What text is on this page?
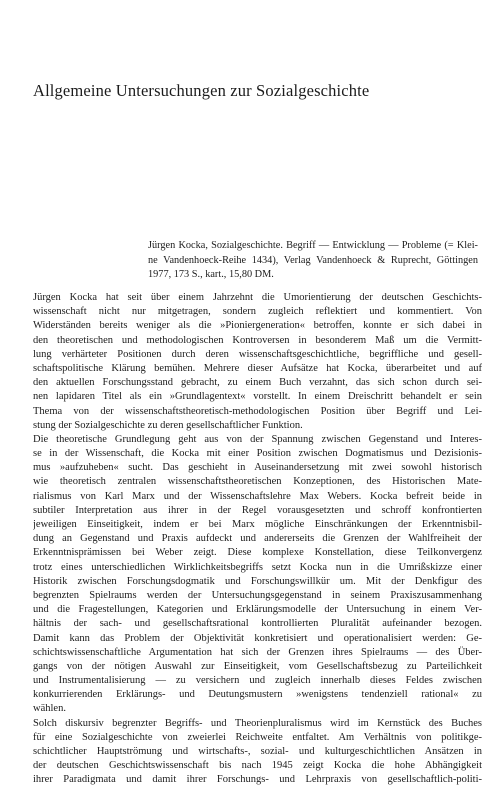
Allgemeine Untersuchungen zur Sozialgeschichte
Jürgen Kocka, Sozialgeschichte. Begriff — Entwicklung — Probleme (= Klei-
ne Vandenhoeck-Reihe 1434), Verlag Vandenhoeck & Ruprecht, Göttingen
1977, 173 S., kart., 15,80 DM.
Jürgen Kocka hat seit über einem Jahrzehnt die Umorientierung der deutschen Geschichts-
wissenschaft nicht nur mitgetragen, sondern zugleich reflektiert und kommentiert. Von
Widerständen bereits weniger als die »Pioniergeneration« betroffen, konnte er sich dabei in
den theoretischen und methodologischen Kontroversen in besonderem Maß um die Vermitt-
lung verhärteter Positionen durch deren wissenschaftsgeschichtliche, begriffliche und gesell-
schaftspolitische Klärung bemühen. Mehrere dieser Aufsätze hat Kocka, überarbeitet und auf
den aktuellen Forschungsstand gebracht, zu einem Buch verzahnt, das sich schon durch sei-
nen lapidaren Titel als ein »Grundlagentext« vorstellt. In einem Dreischritt behandelt er sein
Thema von der wissenschaftstheoretisch-methodologischen Position über Begriff und Lei-
stung der Sozialgeschichte zu deren gesellschaftlicher Funktion.
Die theoretische Grundlegung geht aus von der Spannung zwischen Gegenstand und Interes-
se in der Wissenschaft, die Kocka mit einer Position zwischen Dogmatismus und Dezisionis-
mus »aufzuheben« sucht. Das geschieht in Auseinandersetzung mit zwei sowohl historisch
wie theoretisch zentralen wissenschaftstheoretischen Konzeptionen, des Historischen Mate-
rialismus von Karl Marx und der Wissenschaftslehre Max Webers. Kocka befreit beide in
subtiler Interpretation aus ihrer in der Regel vorausgesetzten und schroff konfrontierten
jeweiligen Einseitigkeit, indem er bei Marx mögliche Einschränkungen der Erkenntnisbil-
dung an Gegenstand und Praxis aufdeckt und andererseits die Grenzen der Wahlfreiheit der
Erkenntnisprämissen bei Weber zeigt. Diese komplexe Konstellation, diese Teilkonvergenz
trotz eines unterschiedlichen Wirklichkeitsbegriffs setzt Kocka nun in die Umrißskizze einer
Historik zwischen Forschungsdogmatik und Forschungswillkür um. Mit der Denkfigur des
begrenzten Spielraums werden der Untersuchungsgegenstand in seinem Praxiszusammenhang
und die Fragestellungen, Kategorien und Erklärungsmodelle der Untersuchung in einem Ver-
hältnis der sach- und gesellschaftsrational kontrollierten Pluralität aufeinander bezogen.
Damit kann das Problem der Objektivität konkretisiert und operationalisiert werden: Ge-
schichtswissenschaftliche Argumentation hat sich der Grenzen ihres Spielraums — des Über-
gangs von der nötigen Auswahl zur Einseitigkeit, vom Gesellschaftsbezug zu Parteilichkeit
und Instrumentalisierung — zu versichern und zugleich innerhalb dieses Feldes zwischen
konkurrierenden Erklärungs- und Deutungsmustern »wenigstens tendenziell rational« zu
wählen.
Solch diskursiv begrenzter Begriffs- und Theorienpluralismus wird im Kernstück des Buches
für eine Sozialgeschichte von zweierlei Reichweite entfaltet. Am Verhältnis von politikge-
schichtlicher Hauptströmung und wirtschafts-, sozial- und kulturgeschichtlichen Ansätzen in
der deutschen Geschichtswissenschaft bis nach 1945 zeigt Kocka die hohe Abhängigkeit
ihrer Paradigmata und damit ihrer Forschungs- und Lehrpraxis von gesellschaftlich-politi-
